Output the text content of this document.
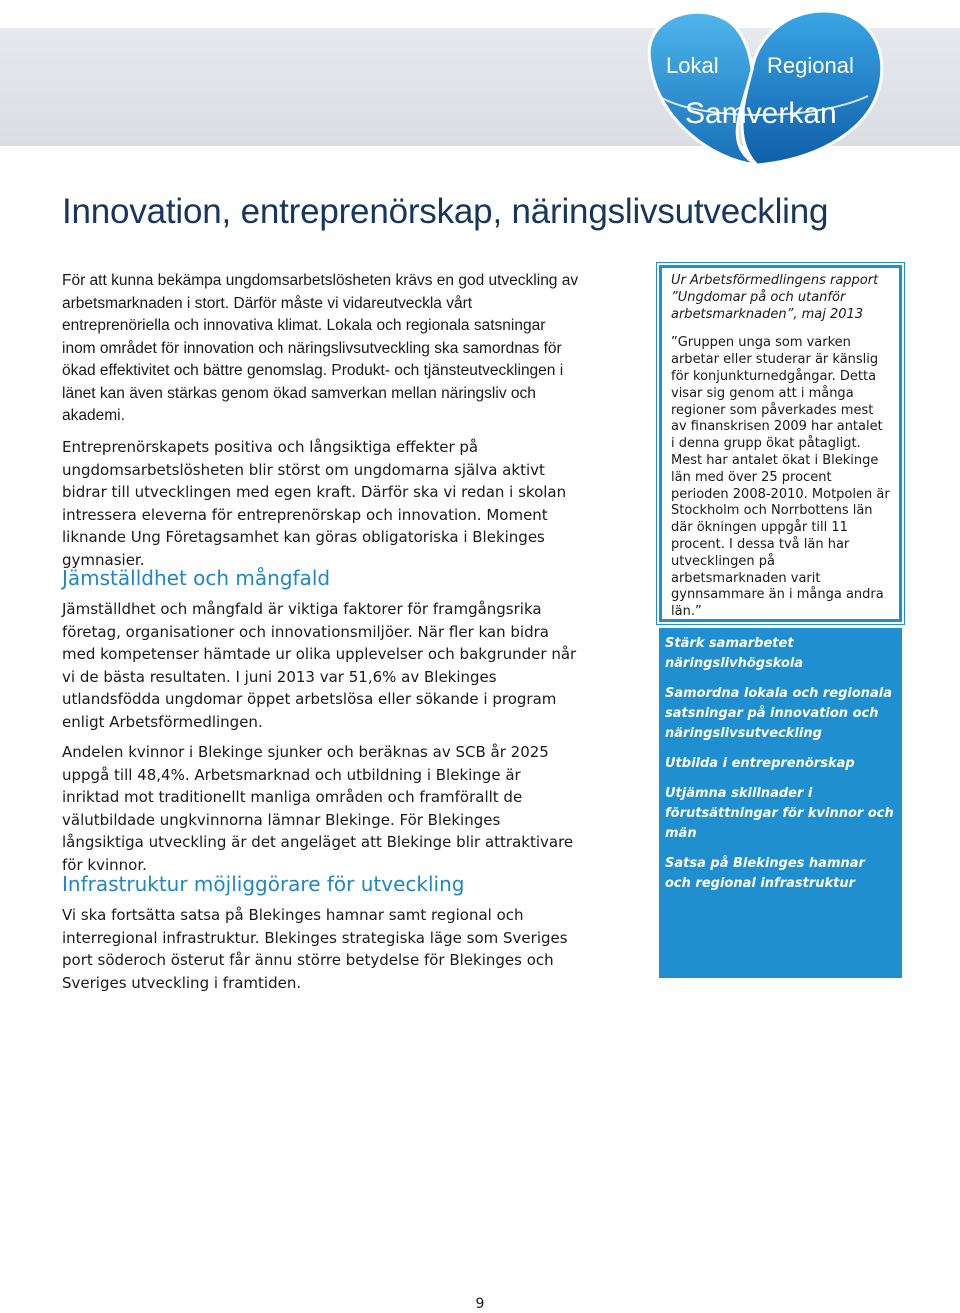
Lokal Regional
Samverkan
Innovation, entreprenörskap, näringslivsutveckling

För att kunna bekämpa ungdomsarbetslösheten krävs en god utveckling av arbetsmarknaden i stort. Därför måste vi vidareutveckla vårt entreprenöriella och innovativa klimat. Lokala och regionala satsningar inom området för innovation och näringslivsutveckling ska samordnas för ökad effektivitet och bättre genomslag. Produkt- och tjänsteutvecklingen i länet kan även stärkas genom ökad samverkan mellan näringsliv och akademi.

Entreprenörskapets positiva och långsiktiga effekter på ungdomsarbetslösheten blir störst om ungdomarna själva aktivt bidrar till utvecklingen med egen kraft. Därför ska vi redan i skolan intressera eleverna för entreprenörskap och innovation. Moment liknande Ung Företagsamhet kan göras obligatoriska i Blekinges gymnasier.

Jämställdhet och mångfald

Jämställdhet och mångfald är viktiga faktorer för framgångsrika företag, organisationer och innovationsmiljöer. När fler kan bidra med kompetenser hämtade ur olika upplevelser och bakgrunder når vi de bästa resultaten. I juni 2013 var 51,6% av Blekinges utlandsfödda ungdomar öppet arbetslösa eller sökande i program enligt Arbetsförmedlingen.

Andelen kvinnor i Blekinge sjunker och beräknas av SCB år 2025 uppgå till 48,4%. Arbetsmarknad och utbildning i Blekinge är inriktad mot traditionellt manliga områden och framförallt de välutbildade ungkvinnorna lämnar Blekinge. För Blekinges långsiktiga utveckling är det angeläget att Blekinge blir attraktivare för kvinnor.

Infrastruktur möjliggörare för utveckling

Vi ska fortsätta satsa på Blekinges hamnar samt regional och interregional infrastruktur. Blekinges strategiska läge som Sveriges port söderoch österut får ännu större betydelse för Blekinges och Sveriges utveckling i framtiden.

Ur Arbetsförmedlingens rapport ”Ungdomar på och utanför arbetsmarknaden”, maj 2013

”Gruppen unga som varken arbetar eller studerar är känslig för konjunkturnedgångar. Detta visar sig genom att i många regioner som påverkades mest av finanskrisen 2009 har antalet i denna grupp ökat påtagligt. Mest har antalet ökat i Blekinge län med över 25 procent perioden 2008-2010. Motpolen är Stockholm och Norrbottens län där ökningen uppgår till 11 procent. I dessa två län har utvecklingen på arbetsmarknaden varit gynnsammare än i många andra län.”

Stärk samarbetet näringslivhögskola

Samordna lokala och regionala satsningar på innovation och näringslivsutveckling

Utbilda i entreprenörskap

Utjämna skillnader i förutsättningar för kvinnor och män

Satsa på Blekinges hamnar och regional infrastruktur

9
